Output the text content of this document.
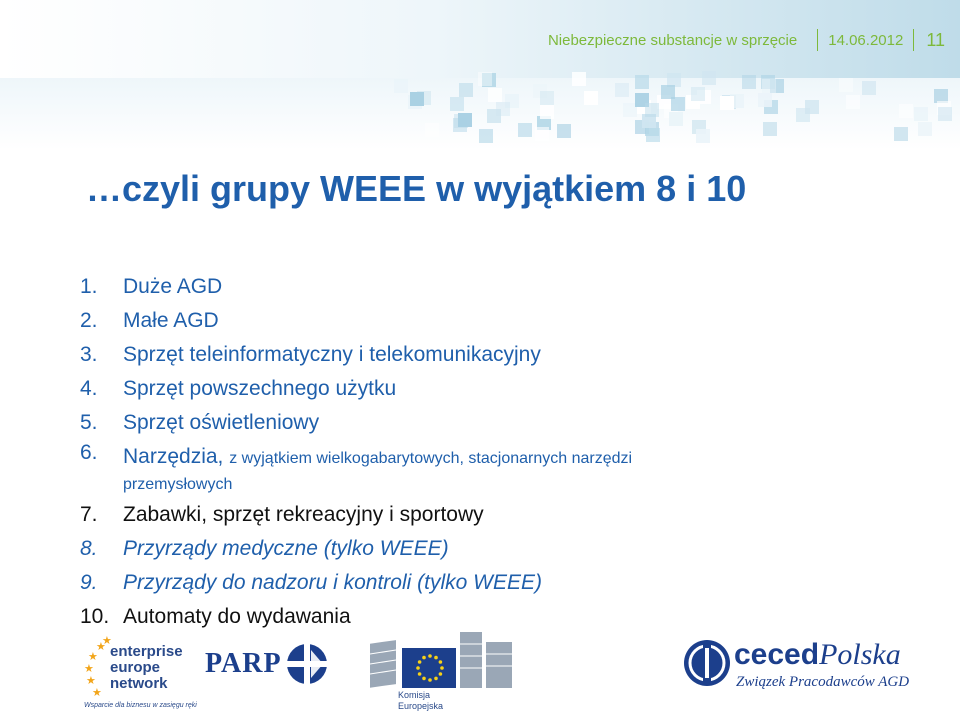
Niebezpieczne substancje w sprzęcie 14.06.2012 11
…czyli grupy WEEE w wyjątkiem 8 i 10
1. Duże AGD
2. Małe AGD
3. Sprzęt teleinformatyczny i telekomunikacyjny
4. Sprzęt powszechnego użytku
5. Sprzęt oświetleniowy
6. Narzędzia, z wyjątkiem wielkogabarytowych, stacjonarnych narzędzi
przemysłowych
7. Zabawki, sprzęt rekreacyjny i sportowy
8. Przyrządy medyczne (tylko WEEE)
9. Przyrządy do nadzoru i kontroli (tylko WEEE)
10. Automaty do wydawania
★
★
★
★
★
★
enterprise
europe
network
Wsparcie dla biznesu w zasięgu ręki
PARP
Komisja
Europejska
cecedPolska
Związek Pracodawców AGD
